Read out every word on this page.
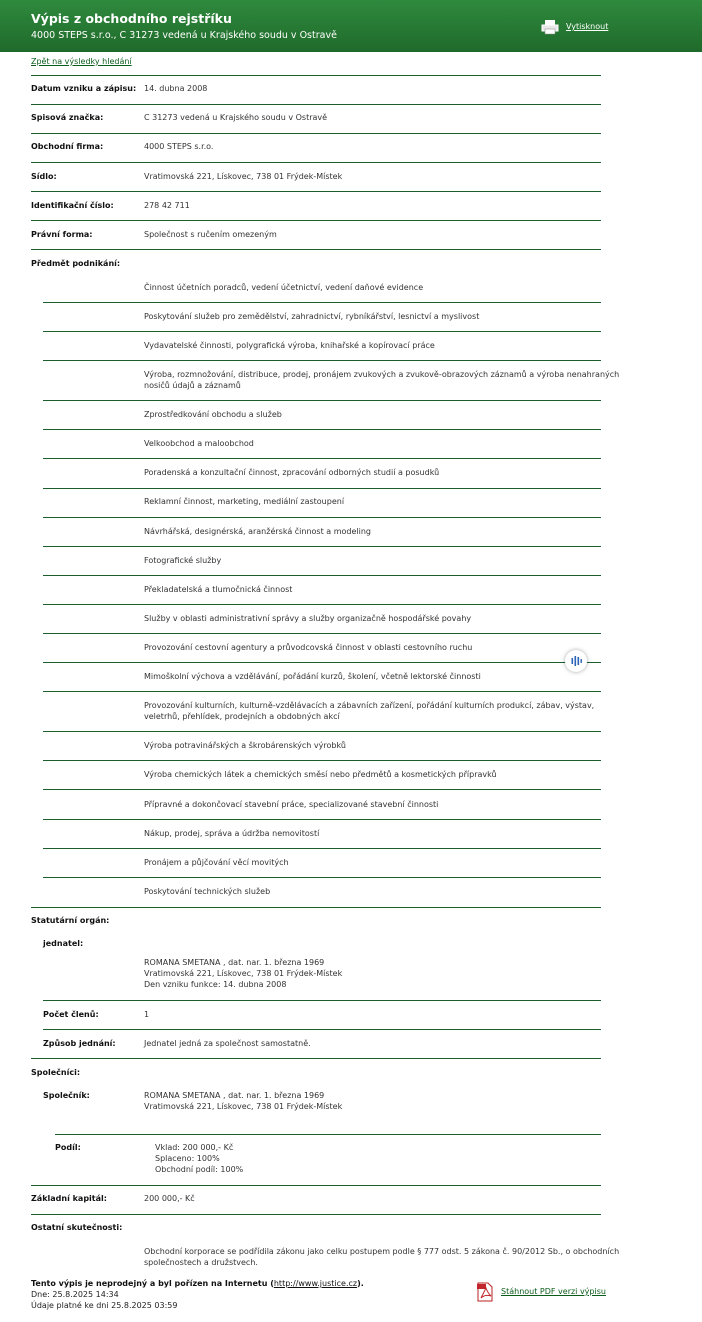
Výpis z obchodního rejstříku
4000 STEPS s.r.o., C 31273 vedená u Krajského soudu v Ostravě
Vytisknout
Zpět na výsledky hledání
Datum vzniku a zápisu: 14. dubna 2008
Spisová značka:	C 31273 vedená u Krajského soudu v Ostravě
Obchodní firma:	4000 STEPS s.r.o.
Sídlo:	Vratimovská 221, Lískovec, 738 01 Frýdek-Místek
Identifikační číslo:	278 42 711
Právní forma:	Společnost s ručením omezeným
Předmět podnikání:
Činnost účetních poradců, vedení účetnictví, vedení daňové evidence
Poskytování služeb pro zemědělství, zahradnictví, rybníkářství, lesnictví a myslivost
Vydavatelské činnosti, polygrafická výroba, knihařské a kopírovací práce
Výroba, rozmnožování, distribuce, prodej, pronájem zvukových a zvukově-obrazových záznamů a výroba nenahraných
nosičů údajů a záznamů
Zprostředkování obchodu a služeb
Velkoobchod a maloobchod
Poradenská a konzultační činnost, zpracování odborných studií a posudků
Reklamní činnost, marketing, mediální zastoupení
Návrhářská, designérská, aranžérská činnost a modeling
Fotografické služby
Překladatelská a tlumočnická činnost
Služby v oblasti administrativní správy a služby organizačně hospodářské povahy
Provozování cestovní agentury a průvodcovská činnost v oblasti cestovního ruchu
Mimoškolní výchova a vzdělávání, pořádání kurzů, školení, včetně lektorské činnosti
Provozování kulturních, kulturně-vzdělávacích a zábavních zařízení, pořádání kulturních produkcí, zábav, výstav,
veletrhů, přehlídek, prodejních a obdobných akcí
Výroba potravinářských a škrobárenských výrobků
Výroba chemických látek a chemických směsí nebo předmětů a kosmetických přípravků
Přípravné a dokončovací stavební práce, specializované stavební činnosti
Nákup, prodej, správa a údržba nemovitostí
Pronájem a půjčování věcí movitých
Poskytování technických služeb
Statutární orgán:
jednatel:
ROMANA SMETANA , dat. nar. 1. března 1969
Vratimovská 221, Lískovec, 738 01 Frýdek-Místek
Den vzniku funkce: 14. dubna 2008
Počet členů:	1
Způsob jednání:	Jednatel jedná za společnost samostatně.
Společníci:
Společník:	ROMANA SMETANA , dat. nar. 1. března 1969
Vratimovská 221, Lískovec, 738 01 Frýdek-Místek
Podíl:	Vklad: 200 000,- Kč
Splaceno: 100%
Obchodní podíl: 100%
Základní kapitál:	200 000,- Kč
Ostatní skutečnosti:
Obchodní korporace se podřídila zákonu jako celku postupem podle § 777 odst. 5 zákona č. 90/2012 Sb., o obchodních
společnostech a družstvech.
Tento výpis je neprodejný a byl pořízen na Internetu (http://www.justice.cz).
Dne: 25.8.2025 14:34
Údaje platné ke dni 25.8.2025 03:59
Stáhnout PDF verzi výpisu
